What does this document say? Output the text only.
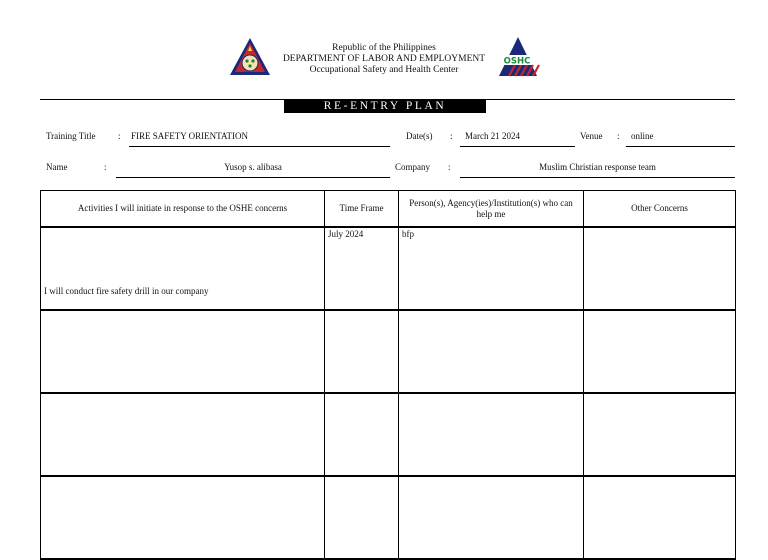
Republic of the Philippines
DEPARTMENT OF LABOR AND EMPLOYMENT
Occupational Safety and Health Center
OSHC
RE-ENTRY PLAN
Training Title	: FIRE SAFETY ORIENTATION	Date(s) : March 21 2024	Venue : online
Name	:	Yusop s. alibasa	Company :	Muslim Christian response team
Activities I will initiate in response to the OSHE concerns	Time Frame	Person(s), Agency(ies)/Institution(s) who can help me	Other Concerns
I will conduct fire safety drill in our company	July 2024	bfp	
